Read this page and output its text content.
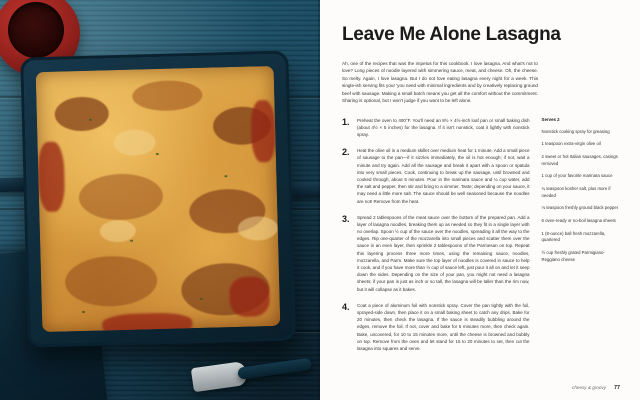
Leave Me Alone Lasagna

Ah, one of the recipes that was the impetus for this cookbook. I love lasagna. And what's not to love? Long pieces of noodle layered with simmering sauce, meat, and cheese. Oh, the cheese. So melty. Again, I love lasagna. But I do not love eating lasagna every night for a week. This single-ish serving fits your 'you need with minimal ingredients and by creatively replacing ground beef with sausage. Making a small batch means you get all the comfort without the commitment. Sharing is optional, but I won't judge if you want to be left alone.

1.	Preheat the oven to 400°F. You'll need an 8½ × 4½-inch loaf pan or small baking dish (about 4½ × 5 inches) for the lasagna. If it isn't nonstick, coat it lightly with nonstick spray.
2.	Heat the olive oil in a medium skillet over medium heat for 1 minute. Add a small piece of sausage to the pan—if it sizzles immediately, the oil is hot enough; if not, wait a minute and try again. Add all the sausage and break it apart with a spoon or spatula into very small pieces. Cook, continuing to break up the sausage, until browned and cooked through, about 5 minutes. Pour in the marinara sauce and ¼ cup water, add the salt and pepper, then stir and bring to a simmer. Taste; depending on your sauce, it may need a little more salt. The sauce should be well seasoned because the noodles are not! Remove from the heat.
3.	Spread 2 tablespoons of the meat sauce over the bottom of the prepared pan. Add a layer of lasagna noodles, breaking them up as needed so they fit in a single layer with no overlap. Spoon ½ cup of the sauce over the noodles, spreading it all the way to the edges. Rip one-quarter of the mozzarella into small pieces and scatter them over the sauce in an even layer, then sprinkle 2 tablespoons of the Parmesan on top. Repeat this layering process three more times, using the remaining sauce, noodles, mozzarella, and Parm. Make sure the top layer of noodles is covered in sauce to help it cook, and if you have more than ½ cup of sauce left, just pour it all on and let it seep down the sides. Depending on the size of your pan, you might not need a lasagna sheets; if your pan is just as inch or so tall, the lasagna will be taller than the rim now, but it will collapse as it bakes.
4.	Coat a piece of aluminum foil with nonstick spray. Cover the pan tightly with the foil, sprayed-side down, then place it on a small baking sheet to catch any drips. Bake for 20 minutes, then check the lasagna. If the sauce is steadily bubbling around the edges, remove the foil. If not, cover and bake for 5 minutes more, then check again. Bake, uncovered, for 10 to 15 minutes more, until the cheese is browned and bubbly on top. Remove from the oven and let stand for 15 to 20 minutes to set, then cut the lasagna into squares and serve.
Serves 2
Nonstick cooking spray for greasing
1 teaspoon extra-virgin olive oil
2 sweet or hot Italian sausages, casings removed
1 cup of your favorite marinara sauce
¼ teaspoon kosher salt, plus more if needed
⅛ teaspoon freshly ground black pepper
6 oven-ready or no-boil lasagna sheets
1 (8-ounce) ball fresh mozzarella, quartered
½ cup freshly grated Parmigiano-Reggiano cheese
cheesy & groovy 77
